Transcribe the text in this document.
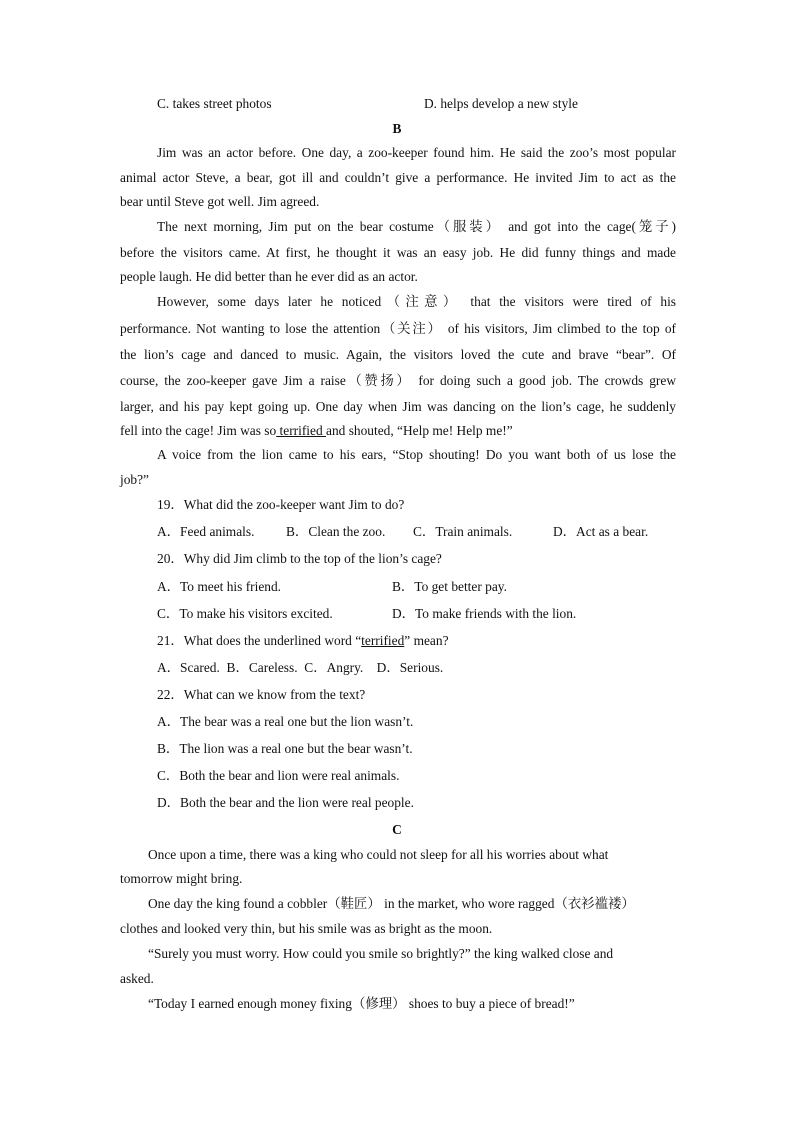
C. takes street photos	D. helps develop a new style
B
Jim was an actor before. One day, a zoo-keeper found him. He said the zoo’s most popular
animal actor Steve, a bear, got ill and couldn’t give a performance. He invited Jim to act as the
bear until Steve got well. Jim agreed.
The next morning, Jim put on the bear costume（服装） and got into the cage(笼子)
before the visitors came. At first, he thought it was an easy job. He did funny things and made
people laugh. He did better than he ever did as an actor.
However, some days later he noticed（注意） that the visitors were tired of his
performance. Not wanting to lose the attention（关注） of his visitors, Jim climbed to the top of
the lion’s cage and danced to music. Again, the visitors loved the cute and brave “bear”. Of
course, the zoo-keeper gave Jim a raise（赞扬） for doing such a good job. The crowds grew
larger, and his pay kept going up. One day when Jim was dancing on the lion’s cage, he suddenly
fell into the cage! Jim was so terrified and shouted, “Help me! Help me!”
A voice from the lion came to his ears, “Stop shouting! Do you want both of us lose the
job?”
19．What did the zoo-keeper want Jim to do?
A．Feed animals. B．Clean the zoo. C．Train animals.	D．Act as a bear.
20．Why did Jim climb to the top of the lion’s cage?
A．To meet his friend.	B．To get better pay.
C．To make his visitors excited.	D．To make friends with the lion.
21．What does the underlined word “terrified” mean?
A．Scared.  B．Careless.  C．Angry.    D．Serious.
22．What can we know from the text?
A．The bear was a real one but the lion wasn’t.
B．The lion was a real one but the bear wasn’t.
C．Both the bear and lion were real animals.
D．Both the bear and the lion were real people.
C
Once upon a time, there was a king who could not sleep for all his worries about what
tomorrow might bring.
One day the king found a cobbler（鞋匠） in the market, who wore ragged（衣衫褴褛）
clothes and looked very thin, but his smile was as bright as the moon.
“Surely you must worry. How could you smile so brightly?” the king walked close and
asked.
“Today I earned enough money fixing（修理） shoes to buy a piece of bread!”
